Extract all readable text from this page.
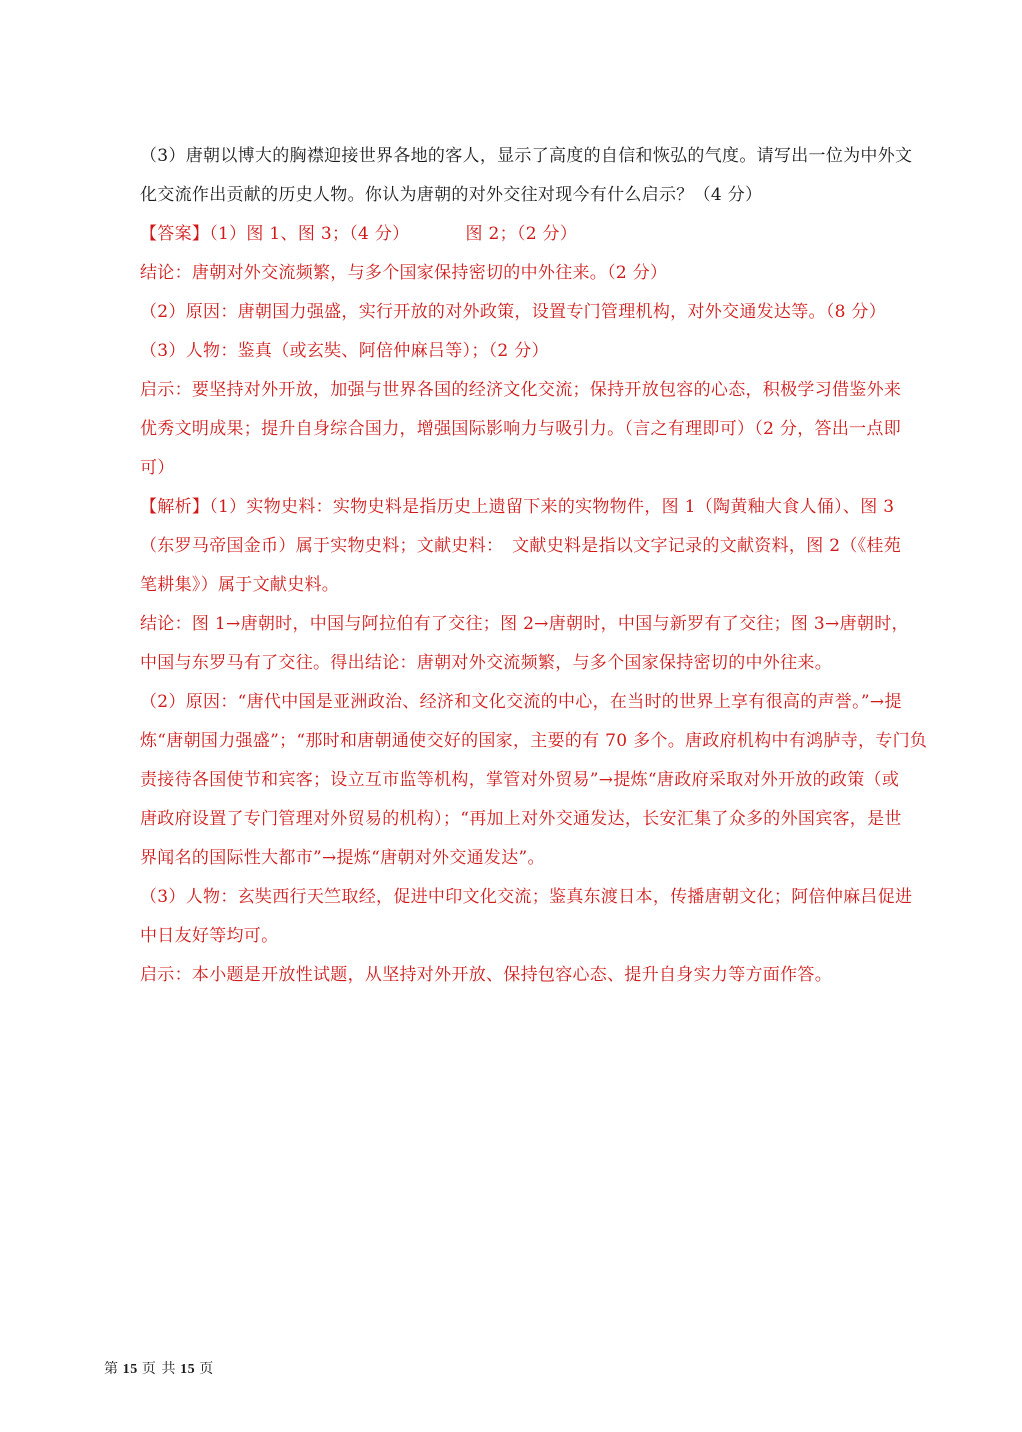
（3）唐朝以博大的胸襟迎接世界各地的客人，显示了高度的自信和恢弘的气度。请写出一位为中外文
化交流作出贡献的历史人物。你认为唐朝的对外交往对现今有什么启示？（4 分）
【答案】（1）图 1、图 3；（4 分）	图 2；（2 分）
结论：唐朝对外交流频繁，与多个国家保持密切的中外往来。（2 分）
（2）原因：唐朝国力强盛，实行开放的对外政策，设置专门管理机构，对外交通发达等。（8 分）
（3）人物：鉴真（或玄奘、阿倍仲麻吕等）；（2 分）
启示：要坚持对外开放，加强与世界各国的经济文化交流；保持开放包容的心态，积极学习借鉴外来
优秀文明成果；提升自身综合国力，增强国际影响力与吸引力。（言之有理即可）（2 分，答出一点即
可）
【解析】（1）实物史料：实物史料是指历史上遗留下来的实物物件，图 1（陶黄釉大食人俑）、图 3
（东罗马帝国金币）属于实物史料；文献史料：　文献史料是指以文字记录的文献资料，图 2（《桂苑
笔耕集》）属于文献史料。
结论：图 1→唐朝时，中国与阿拉伯有了交往；图 2→唐朝时，中国与新罗有了交往；图 3→唐朝时，
中国与东罗马有了交往。得出结论：唐朝对外交流频繁，与多个国家保持密切的中外往来。
（2）原因：“唐代中国是亚洲政治、经济和文化交流的中心，在当时的世界上享有很高的声誉。”→提
炼“唐朝国力强盛”；“那时和唐朝通使交好的国家，主要的有 70 多个。唐政府机构中有鸿胪寺，专门负
责接待各国使节和宾客；设立互市监等机构，掌管对外贸易”→提炼“唐政府采取对外开放的政策（或
唐政府设置了专门管理对外贸易的机构）；“再加上对外交通发达，长安汇集了众多的外国宾客，是世
界闻名的国际性大都市”→提炼“唐朝对外交通发达”。
（3）人物：玄奘西行天竺取经，促进中印文化交流；鉴真东渡日本，传播唐朝文化；阿倍仲麻吕促进
中日友好等均可。
启示：本小题是开放性试题，从坚持对外开放、保持包容心态、提升自身实力等方面作答。
第 15 页 共 15 页
